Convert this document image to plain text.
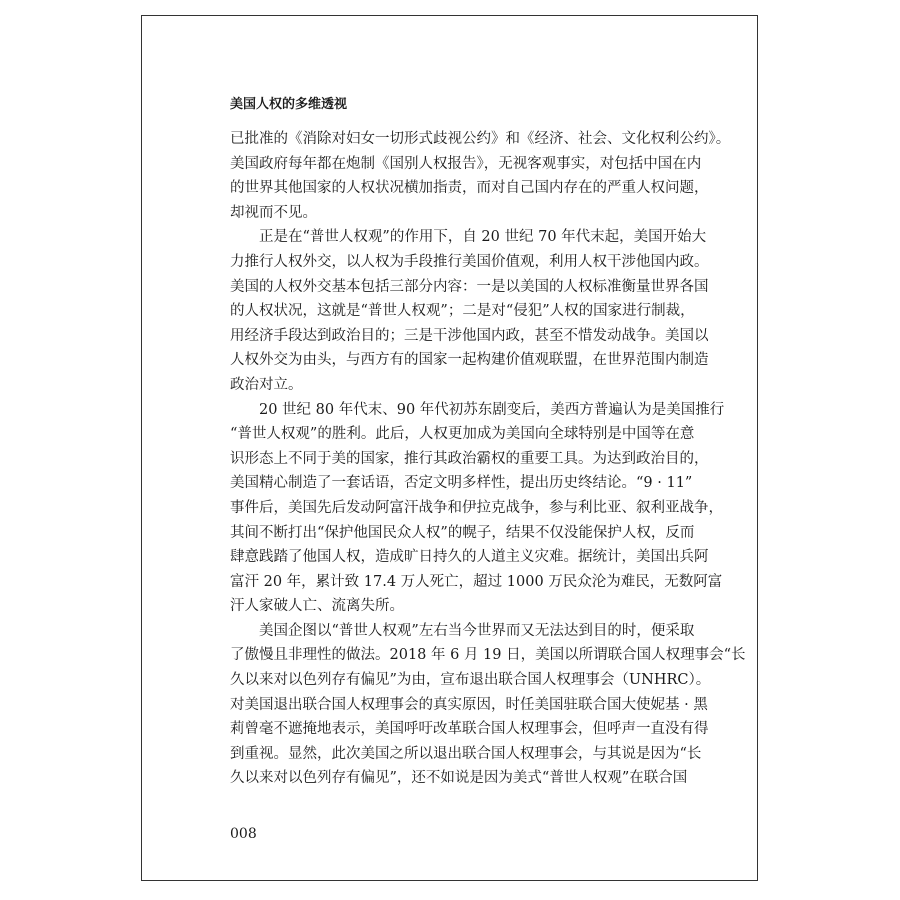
美国人权的多维透视
已批准的《消除对妇女一切形式歧视公约》和《经济、社会、文化权利公约》。
美国政府每年都在炮制《国别人权报告》，无视客观事实，对包括中国在内
的世界其他国家的人权状况横加指责，而对自己国内存在的严重人权问题，
却视而不见。
正是在“普世人权观”的作用下，自 20 世纪 70 年代末起，美国开始大
力推行人权外交，以人权为手段推行美国价值观，利用人权干涉他国内政。
美国的人权外交基本包括三部分内容：一是以美国的人权标准衡量世界各国
的人权状况，这就是“普世人权观”；二是对“侵犯”人权的国家进行制裁，
用经济手段达到政治目的；三是干涉他国内政，甚至不惜发动战争。美国以
人权外交为由头，与西方有的国家一起构建价值观联盟，在世界范围内制造
政治对立。
20 世纪 80 年代末、90 年代初苏东剧变后，美西方普遍认为是美国推行
“普世人权观”的胜利。此后，人权更加成为美国向全球特别是中国等在意
识形态上不同于美的国家，推行其政治霸权的重要工具。为达到政治目的，
美国精心制造了一套话语，否定文明多样性，提出历史终结论。“9 · 11”
事件后，美国先后发动阿富汗战争和伊拉克战争，参与利比亚、叙利亚战争，
其间不断打出“保护他国民众人权”的幌子，结果不仅没能保护人权，反而
肆意践踏了他国人权，造成旷日持久的人道主义灾难。据统计，美国出兵阿
富汗 20 年，累计致 17.4 万人死亡，超过 1000 万民众沦为难民，无数阿富
汗人家破人亡、流离失所。
美国企图以“普世人权观”左右当今世界而又无法达到目的时，便采取
了傲慢且非理性的做法。2018 年 6 月 19 日，美国以所谓联合国人权理事会“长
久以来对以色列存有偏见”为由，宣布退出联合国人权理事会（UNHRC）。
对美国退出联合国人权理事会的真实原因，时任美国驻联合国大使妮基 · 黑
莉曾毫不遮掩地表示，美国呼吁改革联合国人权理事会，但呼声一直没有得
到重视。显然，此次美国之所以退出联合国人权理事会，与其说是因为“长
久以来对以色列存有偏见”，还不如说是因为美式“普世人权观”在联合国
008
